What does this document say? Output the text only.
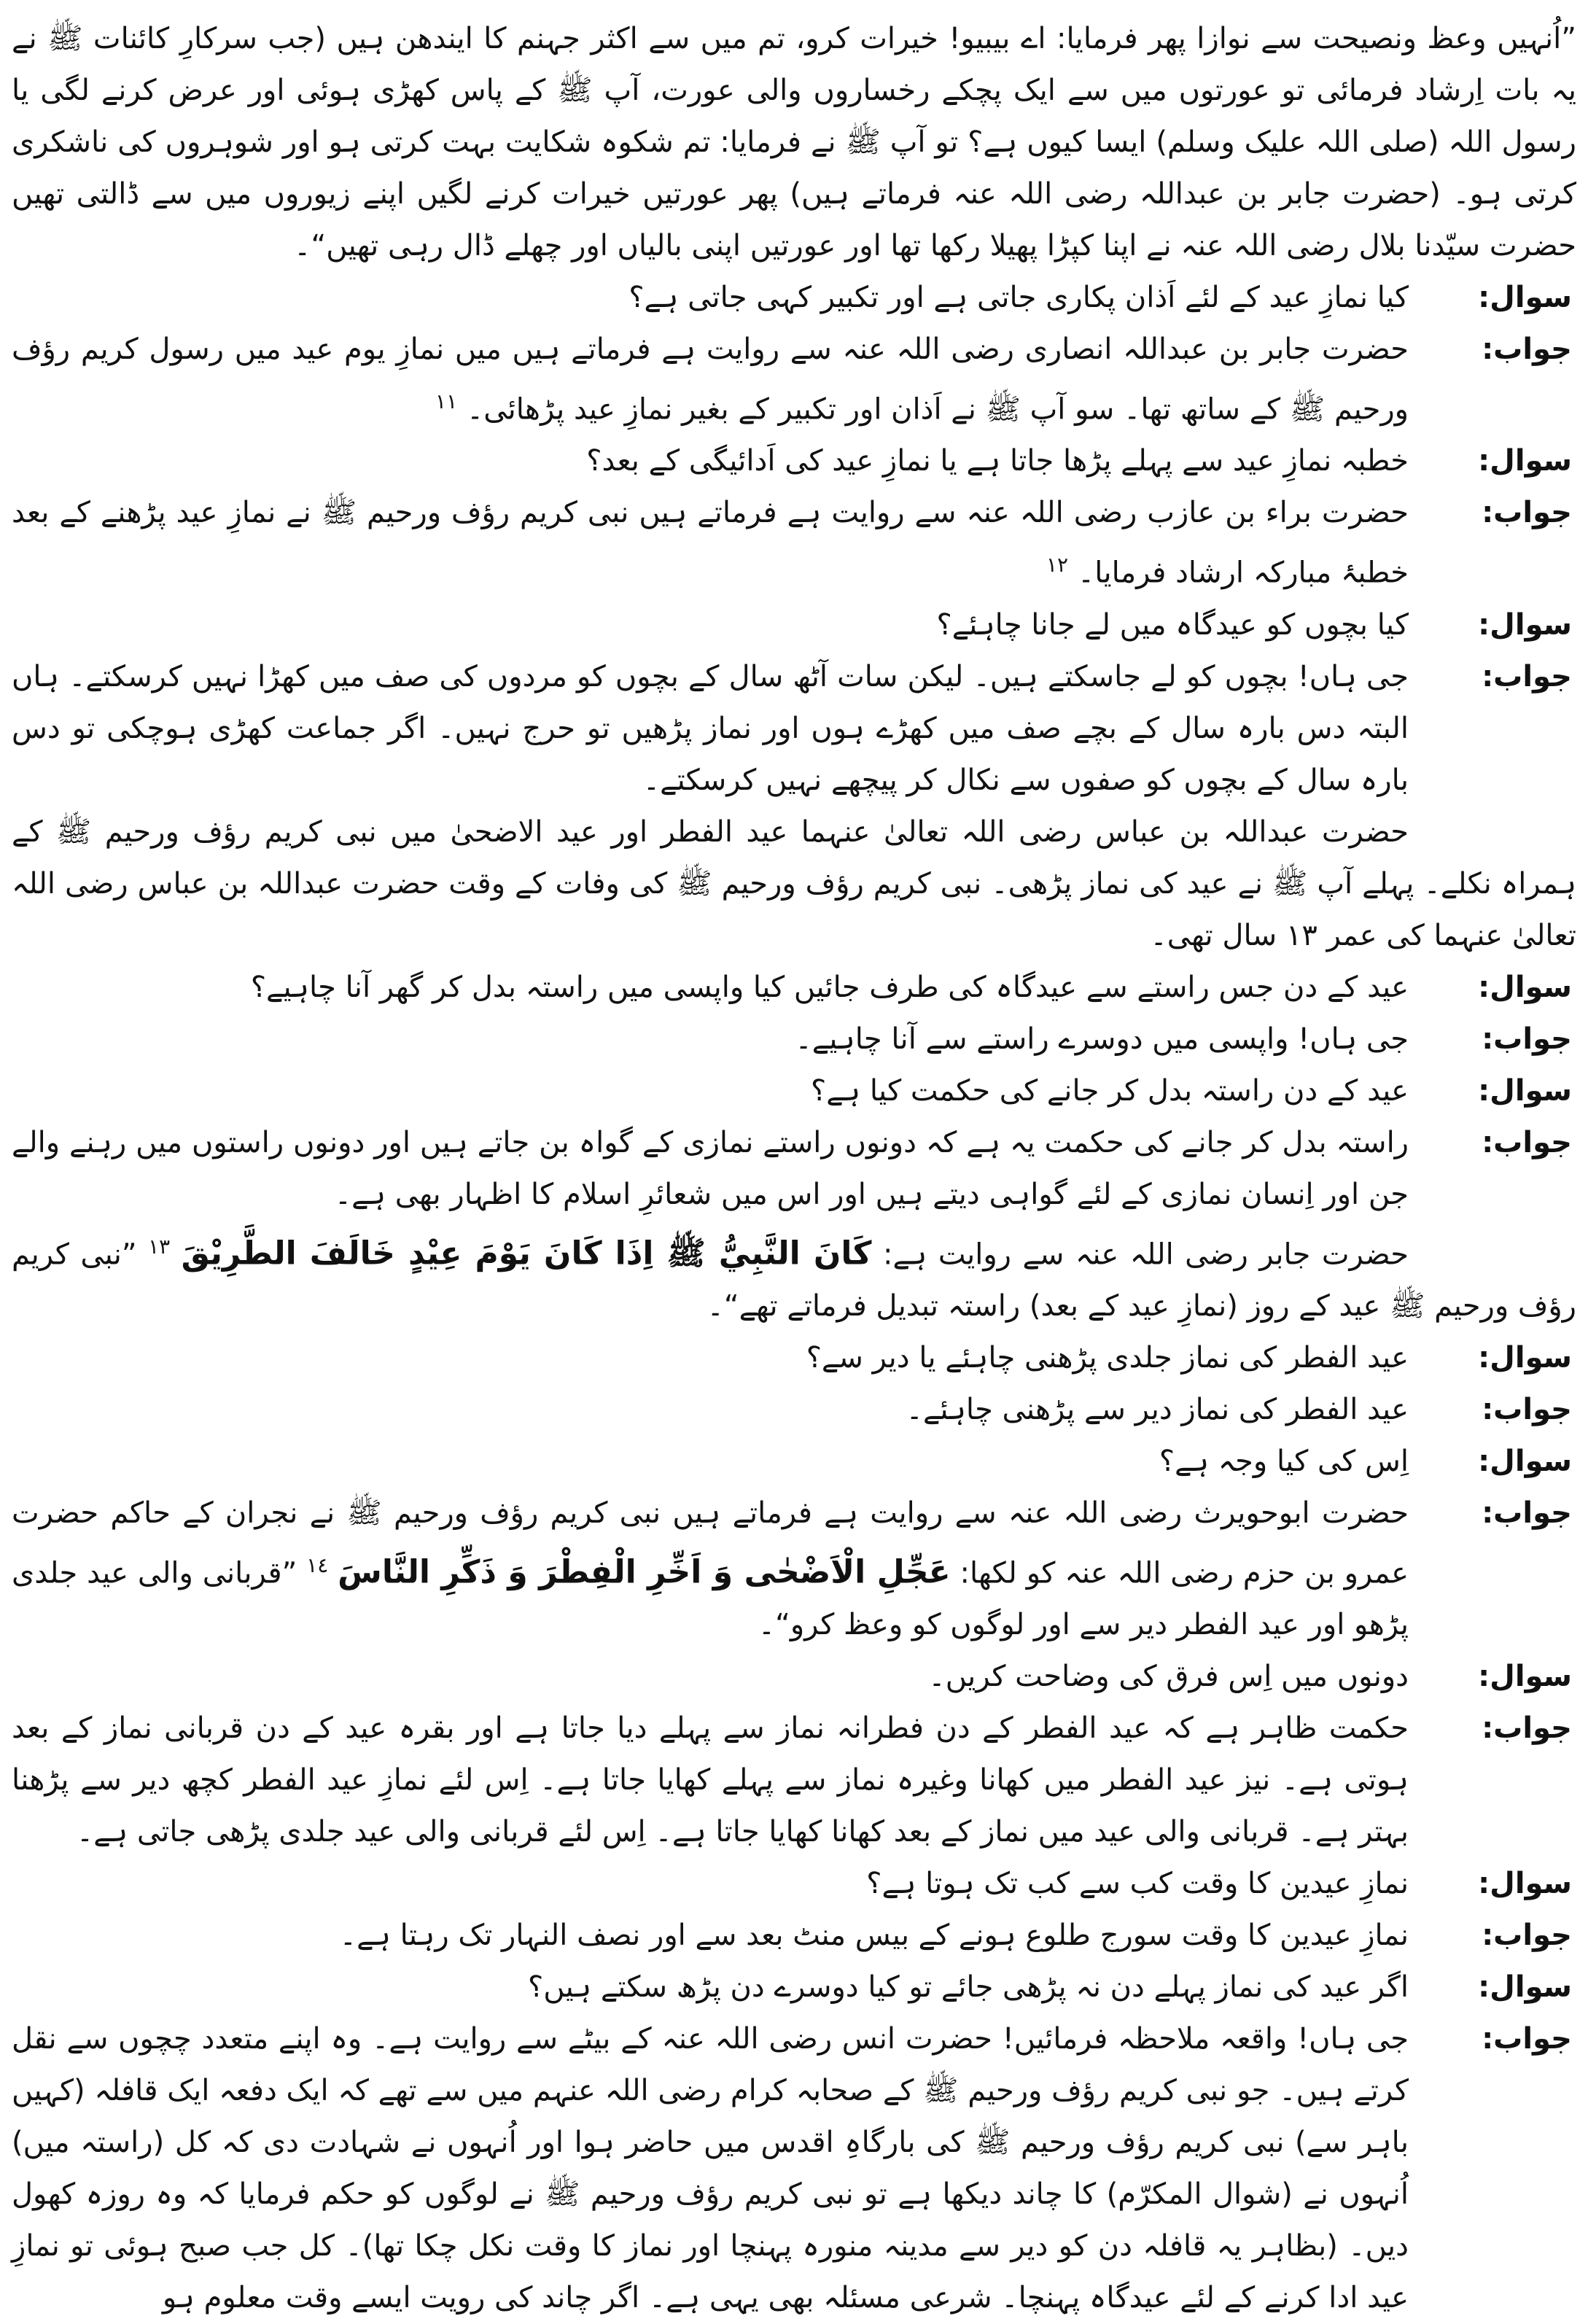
”اُنہیں وعظ ونصیحت سے نوازا پھر فرمایا: اے بیبیو! خیرات کرو، تم میں سے اکثر جہنم کا ایندھن ہیں (جب سرکارِ کائنات ﷺ نے یہ بات اِرشاد فرمائی تو عورتوں میں سے ایک پچکے رخساروں والی عورت، آپ ﷺ کے پاس کھڑی ہوئی اور عرض کرنے لگی یا رسول اللہ (صلی اللہ علیک وسلم) ایسا کیوں ہے؟ تو آپ ﷺ نے فرمایا: تم شکوہ شکایت بہت کرتی ہو اور شوہروں کی ناشکری کرتی ہو۔ (حضرت جابر بن عبداللہ رضی اللہ عنہ فرماتے ہیں) پھر عورتیں خیرات کرنے لگیں اپنے زیوروں میں سے ڈالتی تھیں حضرت سیّدنا بلال رضی اللہ عنہ نے اپنا کپڑا پھیلا رکھا تھا اور عورتیں اپنی بالیاں اور چھلے ڈال رہی تھیں“۔

سوال:
کیا نمازِ عید کے لئے اَذان پکاری جاتی ہے اور تکبیر کہی جاتی ہے؟
جواب:
حضرت جابر بن عبداللہ انصاری رضی اللہ عنہ سے روایت ہے فرماتے ہیں میں نمازِ یوم عید میں رسول کریم رؤف ورحیم ﷺ کے ساتھ تھا۔ سو آپ ﷺ نے اَذان اور تکبیر کے بغیر نمازِ عید پڑھائی۔ $^{١١}$
سوال:
خطبہ نمازِ عید سے پہلے پڑھا جاتا ہے یا نمازِ عید کی اَدائیگی کے بعد؟
جواب:
حضرت براء بن عازب رضی اللہ عنہ سے روایت ہے فرماتے ہیں نبی کریم رؤف ورحیم ﷺ نے نمازِ عید پڑھنے کے بعد خطبۂ مبارکہ ارشاد فرمایا۔ $^{١٢}$
سوال:
کیا بچوں کو عیدگاہ میں لے جانا چاہئے؟
جواب:
جی ہاں! بچوں کو لے جاسکتے ہیں۔ لیکن سات آٹھ سال کے بچوں کو مردوں کی صف میں کھڑا نہیں کرسکتے۔ ہاں البتہ دس بارہ سال کے بچے صف میں کھڑے ہوں اور نماز پڑھیں تو حرج نہیں۔ اگر جماعت کھڑی ہوچکی تو دس بارہ سال کے بچوں کو صفوں سے نکال کر پیچھے نہیں کرسکتے۔

حضرت عبداللہ بن عباس رضی اللہ تعالیٰ عنہما عید الفطر اور عید الاضحیٰ میں نبی کریم رؤف ورحیم ﷺ کے ہمراہ نکلے۔ پہلے آپ ﷺ نے عید کی نماز پڑھی۔ نبی کریم رؤف ورحیم ﷺ کی وفات کے وقت حضرت عبداللہ بن عباس رضی اللہ تعالیٰ عنہما کی عمر ١٣ سال تھی۔

سوال:
عید کے دن جس راستے سے عیدگاہ کی طرف جائیں کیا واپسی میں راستہ بدل کر گھر آنا چاہیے؟
جواب:
جی ہاں! واپسی میں دوسرے راستے سے آنا چاہیے۔
سوال:
عید کے دن راستہ بدل کر جانے کی حکمت کیا ہے؟
جواب:
راستہ بدل کر جانے کی حکمت یہ ہے کہ دونوں راستے نمازی کے گواہ بن جاتے ہیں اور دونوں راستوں میں رہنے والے جن اور اِنسان نمازی کے لئے گواہی دیتے ہیں اور اس میں شعائرِ اسلام کا اظہار بھی ہے۔

حضرت جابر رضی اللہ عنہ سے روایت ہے: كَانَ النَّبِيُّ ﷺ اِذَا كَانَ يَوْمَ عِيْدٍ خَالَفَ الطَّرِيْقَ $^{١٣}$ ”نبی کریم رؤف ورحیم ﷺ عید کے روز (نمازِ عید کے بعد) راستہ تبدیل فرماتے تھے“۔

سوال:
عید الفطر کی نماز جلدی پڑھنی چاہئے یا دیر سے؟
جواب:
عید الفطر کی نماز دیر سے پڑھنی چاہئے۔
سوال:
اِس کی کیا وجہ ہے؟
جواب:
حضرت ابوحویرث رضی اللہ عنہ سے روایت ہے فرماتے ہیں نبی کریم رؤف ورحیم ﷺ نے نجران کے حاکم حضرت عمرو بن حزم رضی اللہ عنہ کو لکھا: عَجِّلِ الْاَضْحٰى وَ اَخِّرِ الْفِطْرَ وَ ذَكِّرِ النَّاسَ $^{١٤}$ ”قربانی والی عید جلدی پڑھو اور عید الفطر دیر سے اور لوگوں کو وعظ کرو“۔
سوال:
دونوں میں اِس فرق کی وضاحت کریں۔
جواب:
حکمت ظاہر ہے کہ عید الفطر کے دن فطرانہ نماز سے پہلے دیا جاتا ہے اور بقرہ عید کے دن قربانی نماز کے بعد ہوتی ہے۔ نیز عید الفطر میں کھانا وغیرہ نماز سے پہلے کھایا جاتا ہے۔ اِس لئے نمازِ عید الفطر کچھ دیر سے پڑھنا بہتر ہے۔ قربانی والی عید میں نماز کے بعد کھانا کھایا جاتا ہے۔ اِس لئے قربانی والی عید جلدی پڑھی جاتی ہے۔
سوال:
نمازِ عیدین کا وقت کب سے کب تک ہوتا ہے؟
جواب:
نمازِ عیدین کا وقت سورج طلوع ہونے کے بیس منٹ بعد سے اور نصف النہار تک رہتا ہے۔
سوال:
اگر عید کی نماز پہلے دن نہ پڑھی جائے تو کیا دوسرے دن پڑھ سکتے ہیں؟
جواب:
جی ہاں! واقعہ ملاحظہ فرمائیں! حضرت انس رضی اللہ عنہ کے بیٹے سے روایت ہے۔ وہ اپنے متعدد چچوں سے نقل کرتے ہیں۔ جو نبی کریم رؤف ورحیم ﷺ کے صحابہ کرام رضی اللہ عنہم میں سے تھے کہ ایک دفعہ ایک قافلہ (کہیں باہر سے) نبی کریم رؤف ورحیم ﷺ کی بارگاہِ اقدس میں حاضر ہوا اور اُنہوں نے شہادت دی کہ کل (راستہ میں) اُنہوں نے (شوال المکرّم) کا چاند دیکھا ہے تو نبی کریم رؤف ورحیم ﷺ نے لوگوں کو حکم فرمایا کہ وہ روزہ کھول دیں۔ (بظاہر یہ قافلہ دن کو دیر سے مدینہ منورہ پہنچا اور نماز کا وقت نکل چکا تھا)۔ کل جب صبح ہوئی تو نمازِ عید ادا کرنے کے لئے عیدگاہ پہنچا۔ شرعی مسئلہ بھی یہی ہے۔ اگر چاند کی رویت ایسے وقت معلوم ہو
